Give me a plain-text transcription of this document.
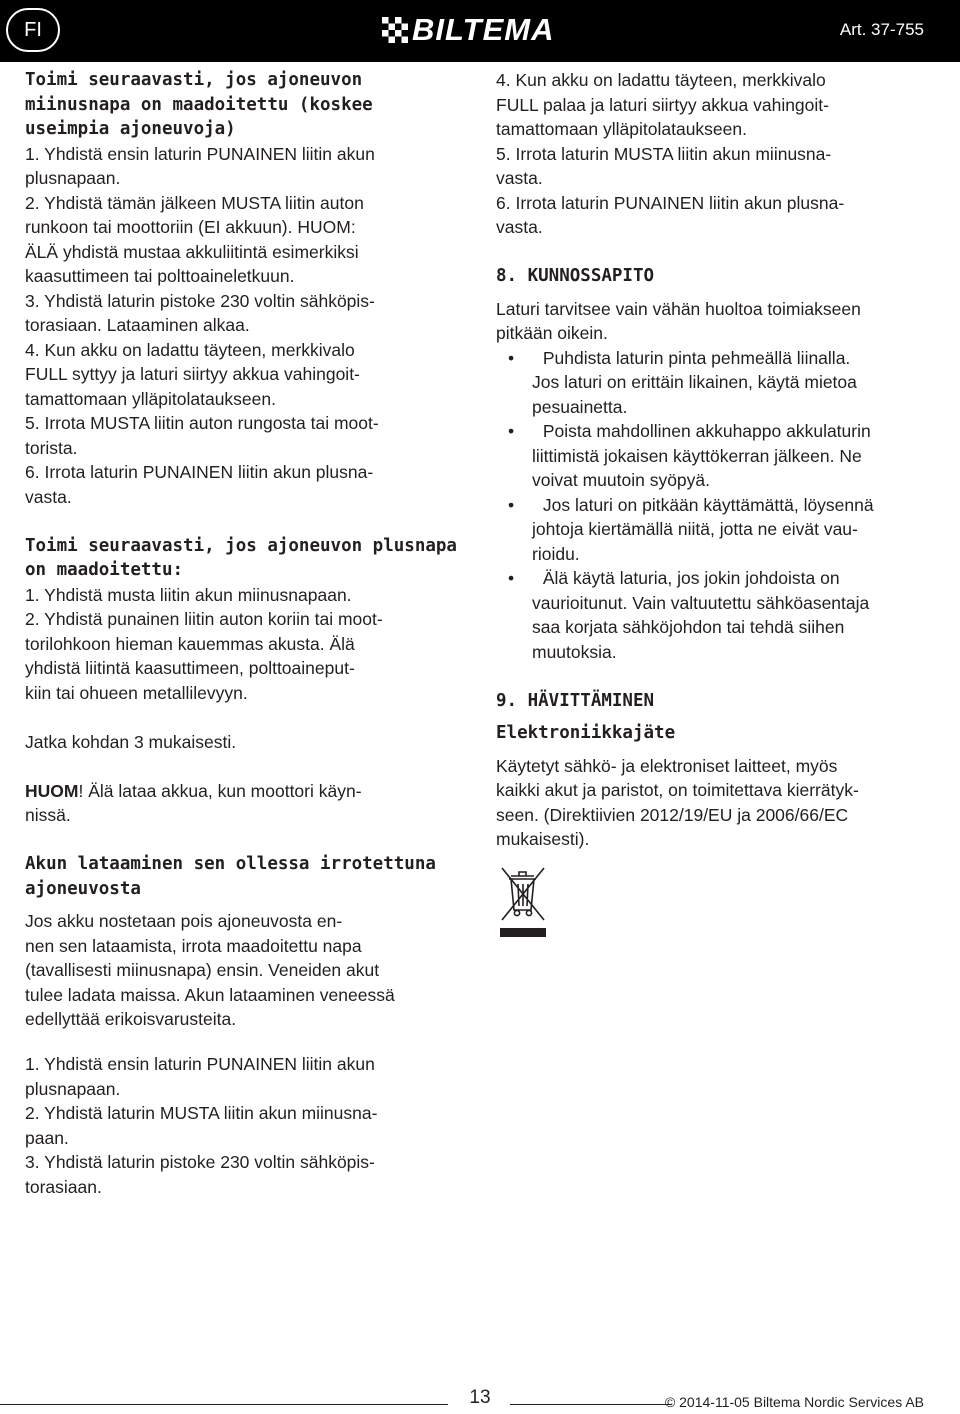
FI	BILTEMA	Art. 37-755
Toimi seuraavasti, jos ajoneuvon
miinusnapa on maadoitettu (koskee
useimpia ajoneuvoja)
1. Yhdistä ensin laturin PUNAINEN liitin akun
plusnapaan.
2. Yhdistä tämän jälkeen MUSTA liitin auton
runkoon tai moottoriin (EI akkuun). HUOM:
ÄLÄ yhdistä mustaa akkuliitintä esimerkiksi
kaasuttimeen tai polttoaineletkuun.
3. Yhdistä laturin pistoke 230 voltin sähköpis-
torasiaan. Lataaminen alkaa.
4. Kun akku on ladattu täyteen, merkkivalo
FULL syttyy ja laturi siirtyy akkua vahingoit-
tamattomaan ylläpitolataukseen.
5. Irrota MUSTA liitin auton rungosta tai moot-
torista.
6. Irrota laturin PUNAINEN liitin akun plusna-
vasta.
Toimi seuraavasti, jos ajoneuvon plusnapa
on maadoitettu:
1. Yhdistä musta liitin akun miinusnapaan.
2. Yhdistä punainen liitin auton koriin tai moot-
torilohkoon hieman kauemmas akusta. Älä
yhdistä liitintä kaasuttimeen, polttoaineput-
kiin tai ohueen metallilevyyn.
Jatka kohdan 3 mukaisesti.
HUOM! Älä lataa akkua, kun moottori käyn-
nissä.
Akun lataaminen sen ollessa irrotettuna
ajoneuvosta
Jos akku nostetaan pois ajoneuvosta en-
nen sen lataamista, irrota maadoitettu napa
(tavallisesti miinusnapa) ensin. Veneiden akut
tulee ladata maissa. Akun lataaminen veneessä
edellyttää erikoisvarusteita.
1. Yhdistä ensin laturin PUNAINEN liitin akun
plusnapaan.
2. Yhdistä laturin MUSTA liitin akun miinusna-
paan.
3. Yhdistä laturin pistoke 230 voltin sähköpis-
torasiaan.
4. Kun akku on ladattu täyteen, merkkivalo
FULL palaa ja laturi siirtyy akkua vahingoit-
tamattomaan ylläpitolataukseen.
5. Irrota laturin MUSTA liitin akun miinusna-
vasta.
6. Irrota laturin PUNAINEN liitin akun plusna-
vasta.
8. KUNNOSSAPITO
Laturi tarvitsee vain vähän huoltoa toimiakseen
pitkään oikein.
• Puhdista laturin pinta pehmeällä liinalla.
Jos laturi on erittäin likainen, käytä mietoa
pesuainetta.
• Poista mahdollinen akkuhappo akkulaturin
liittimistä jokaisen käyttökerran jälkeen. Ne
voivat muutoin syöpyä.
• Jos laturi on pitkään käyttämättä, löysennä
johtoja kiertämällä niitä, jotta ne eivät vau-
rioidu.
• Älä käytä laturia, jos jokin johdoista on
vaurioitunut. Vain valtuutettu sähköasentaja
saa korjata sähköjohdon tai tehdä siihen
muutoksia.
9. HÄVITTÄMINEN
Elektroniikkajäte
Käytetyt sähkö- ja elektroniset laitteet, myös
kaikki akut ja paristot, on toimitettava kierrätyk-
seen. (Direktiivien 2012/19/EU ja 2006/66/EC
mukaisesti).
13	© 2014-11-05 Biltema Nordic Services AB
